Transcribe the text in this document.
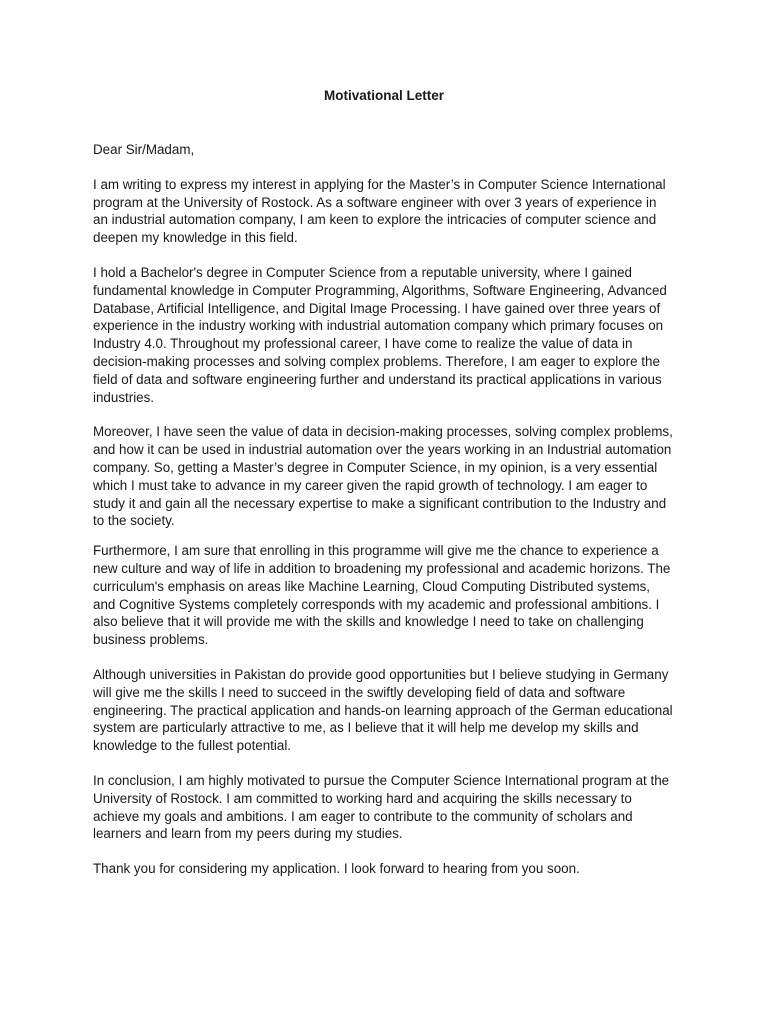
Motivational Letter

Dear Sir/Madam,

I am writing to express my interest in applying for the Master’s in Computer Science International program at the University of Rostock. As a software engineer with over 3 years of experience in an industrial automation company, I am keen to explore the intricacies of computer science and deepen my knowledge in this field.

I hold a Bachelor's degree in Computer Science from a reputable university, where I gained fundamental knowledge in Computer Programming, Algorithms, Software Engineering, Advanced Database, Artificial Intelligence, and Digital Image Processing. I have gained over three years of experience in the industry working with industrial automation company which primary focuses on Industry 4.0. Throughout my professional career, I have come to realize the value of data in decision-making processes and solving complex problems. Therefore, I am eager to explore the field of data and software engineering further and understand its practical applications in various industries.

Moreover, I have seen the value of data in decision-making processes, solving complex problems, and how it can be used in industrial automation over the years working in an Industrial automation company. So, getting a Master’s degree in Computer Science, in my opinion, is a very essential which I must take to advance in my career given the rapid growth of technology. I am eager to study it and gain all the necessary expertise to make a significant contribution to the Industry and to the society.

Furthermore, I am sure that enrolling in this programme will give me the chance to experience a new culture and way of life in addition to broadening my professional and academic horizons. The curriculum's emphasis on areas like Machine Learning, Cloud Computing Distributed systems, and Cognitive Systems completely corresponds with my academic and professional ambitions. I also believe that it will provide me with the skills and knowledge I need to take on challenging business problems.

Although universities in Pakistan do provide good opportunities but I believe studying in Germany will give me the skills I need to succeed in the swiftly developing field of data and software engineering. The practical application and hands-on learning approach of the German educational system are particularly attractive to me, as I believe that it will help me develop my skills and knowledge to the fullest potential.

In conclusion, I am highly motivated to pursue the Computer Science International program at the University of Rostock. I am committed to working hard and acquiring the skills necessary to achieve my goals and ambitions. I am eager to contribute to the community of scholars and learners and learn from my peers during my studies.

Thank you for considering my application. I look forward to hearing from you soon.
